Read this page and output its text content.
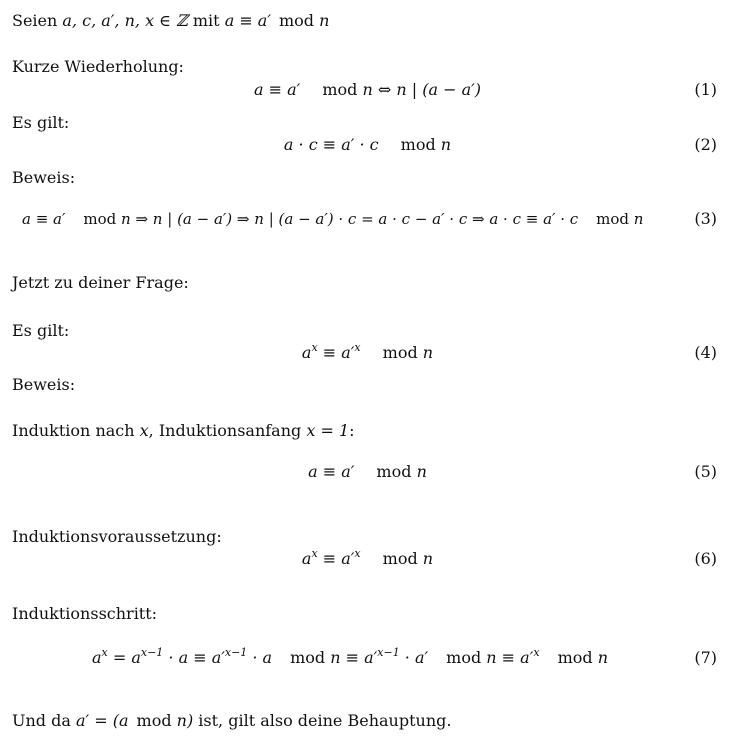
Seien a, c, a′, n, x ∈ ℤ mit a ≡ a′ mod n
Kurze Wiederholung:
a ≡ a′ mod n ⇔ n | (a − a′)	(1)
Es gilt:
a · c ≡ a′ · c mod n	(2)
Beweis:
a ≡ a′ mod n ⇒ n | (a − a′) ⇒ n | (a − a′) · c = a · c − a′ · c ⇒ a · c ≡ a′ · c mod n	(3)
Jetzt zu deiner Frage:
Es gilt:
$a^x \equiv a'^x$ mod n	(4)
Beweis:
Induktion nach x, Induktionsanfang x = 1:
a ≡ a′ mod n	(5)
Induktionsvoraussetzung:
$a^x \equiv a'^x$ mod n	(6)
Induktionsschritt:
$a^x = a^{x-1} \cdot a \equiv a'^{x-1} \cdot a$ mod $n \equiv a'^{x-1} \cdot a'$ mod $n \equiv a'^x$ mod n	(7)
Und da a′ = (a mod n) ist, gilt also deine Behauptung.
